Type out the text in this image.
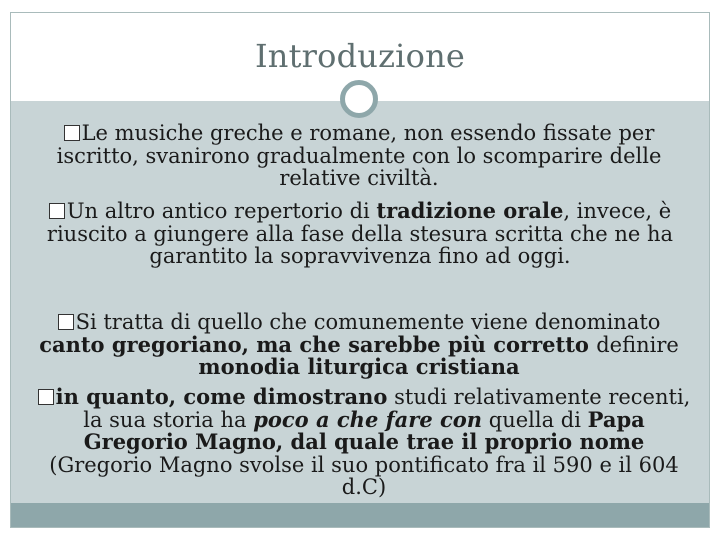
Introduzione
Le musiche greche e romane, non essendo fissate per iscritto, svanirono gradualmente con lo scomparire delle relative civiltà.
Un altro antico repertorio di tradizione orale, invece, è riuscito a giungere alla fase della stesura scritta che ne ha garantito la sopravvivenza fino ad oggi.
Si tratta di quello che comunemente viene denominato canto gregoriano, ma che sarebbe più corretto definire monodia liturgica cristiana
in quanto, come dimostrano studi relativamente recenti, la sua storia ha poco a che fare con quella di Papa Gregorio Magno, dal quale trae il proprio nome (Gregorio Magno svolse il suo pontificato fra il 590 e il 604 d.C)
